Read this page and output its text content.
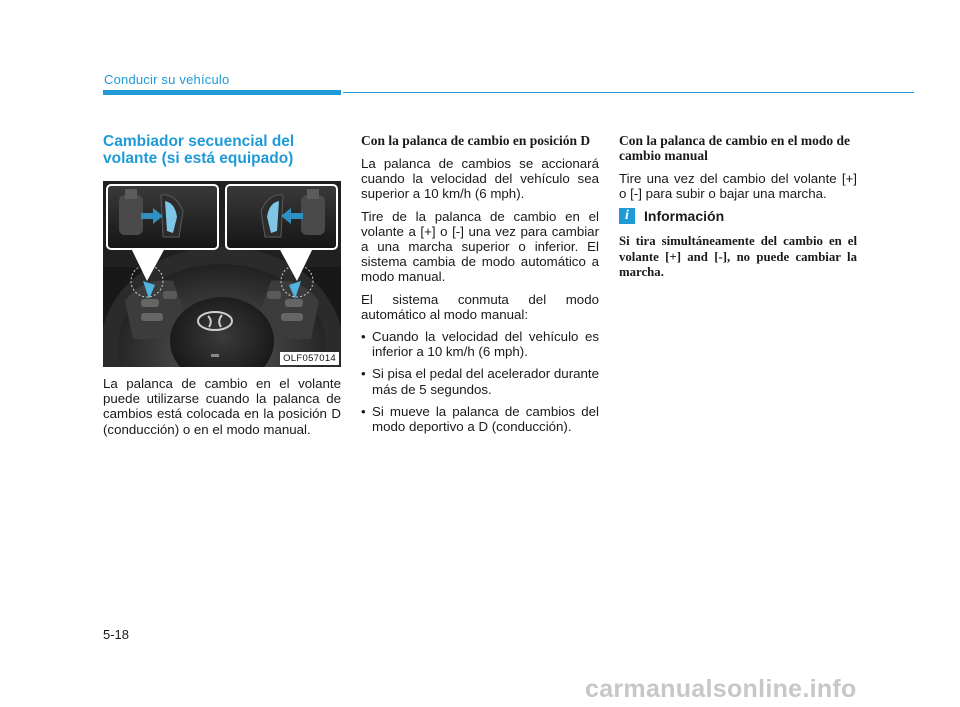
Conducir su vehículo
Cambiador secuencial del volante (si está equipado)
OLF057014

La palanca de cambio en el volante puede utilizarse cuando la palanca de cambios está colocada en la posición D (conducción) o en el modo manual.

Con la palanca de cambio en posición D

La palanca de cambios se accionará cuando la velocidad del vehículo sea superior a 10 km/h (6 mph).

Tire de la palanca de cambio en el volante a [+] o [-] una vez para cambiar a una marcha superior o inferior. El sistema cambia de modo automático a modo manual.

El sistema conmuta del modo automático al modo manual:

• Cuando la velocidad del vehículo es inferior a 10 km/h (6 mph).
• Si pisa el pedal del acelerador durante más de 5 segundos.
• Si mueve la palanca de cambios del modo deportivo a D (conducción).
Con la palanca de cambio en el modo de cambio manual

Tire una vez del cambio del volante [+] o [-] para subir o bajar una marcha.

i	Información

Si tira simultáneamente del cambio en el volante [+] and [-], no puede cambiar la marcha.

5-18
carmanualsonline.info
